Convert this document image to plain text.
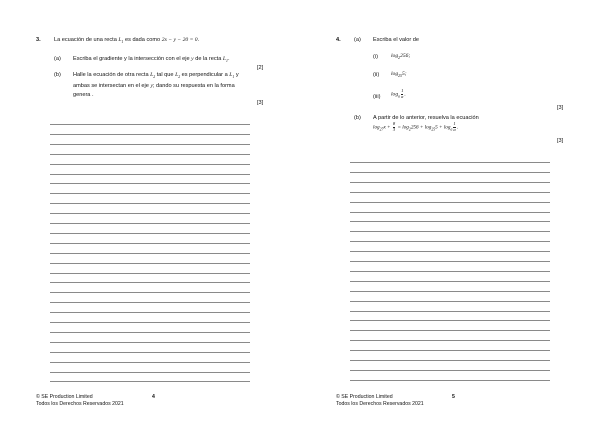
3. La ecuación de una recta $L_1$ es dada como 2x − y − 20 = 0.
(a) Escriba el gradiente y la intersección con el eje y de la recta $L_1$.
[2]
(b) Halle la ecuación de otra recta $L_2$ tal que $L_2$ es perpendicular a $L_1$ y
ambas se intersectan en el eje y; dando su respuesta en la forma
genera .
[3]
© SE Production Limited
Todos los Derechos Reservados 2021
4
4. (a) Escriba el valor de
(i) $\log_2256$;
(ii) $\log_{25}5$;
(iii) $\log_a \frac{1}{a}$ .
[3]
(b) A partir de lo anterior, resuelva la ecuación
$\log_{27}x + \frac{8}{3} = \log_2256 + \log_{25}5 + \log_a \frac{1}{a}$ .
[3]
© SE Production Limited
Todos los Derechos Reservados 2021
5
